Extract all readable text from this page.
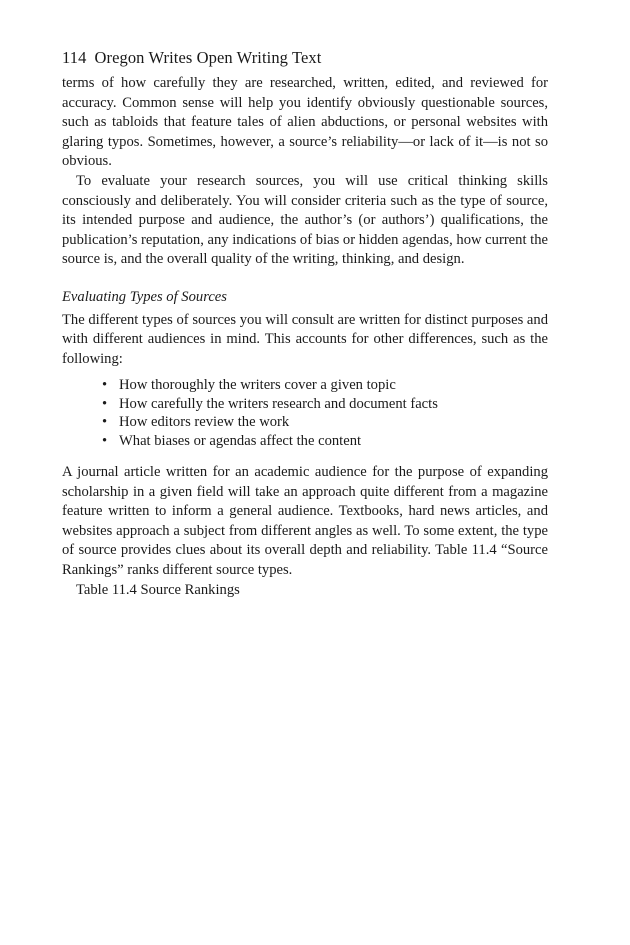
114 Oregon Writes Open Writing Text

terms of how carefully they are researched, written, edited, and reviewed for accuracy. Common sense will help you identify obviously questionable sources, such as tabloids that feature tales of alien abductions, or personal websites with glaring typos. Sometimes, however, a source’s reliability—or lack of it—is not so obvious.

To evaluate your research sources, you will use critical thinking skills consciously and deliberately. You will consider criteria such as the type of source, its intended purpose and audience, the author’s (or authors’) qualifications, the publication’s reputation, any indications of bias or hidden agendas, how current the source is, and the overall quality of the writing, thinking, and design.

Evaluating Types of Sources

The different types of sources you will consult are written for distinct purposes and with different audiences in mind. This accounts for other differences, such as the following:

• How thoroughly the writers cover a given topic
• How carefully the writers research and document facts
• How editors review the work
• What biases or agendas affect the content

A journal article written for an academic audience for the purpose of expanding scholarship in a given field will take an approach quite different from a magazine feature written to inform a general audience. Textbooks, hard news articles, and websites approach a subject from different angles as well. To some extent, the type of source provides clues about its overall depth and reliability. Table 11.4 “Source Rankings” ranks different source types.

Table 11.4 Source Rankings
